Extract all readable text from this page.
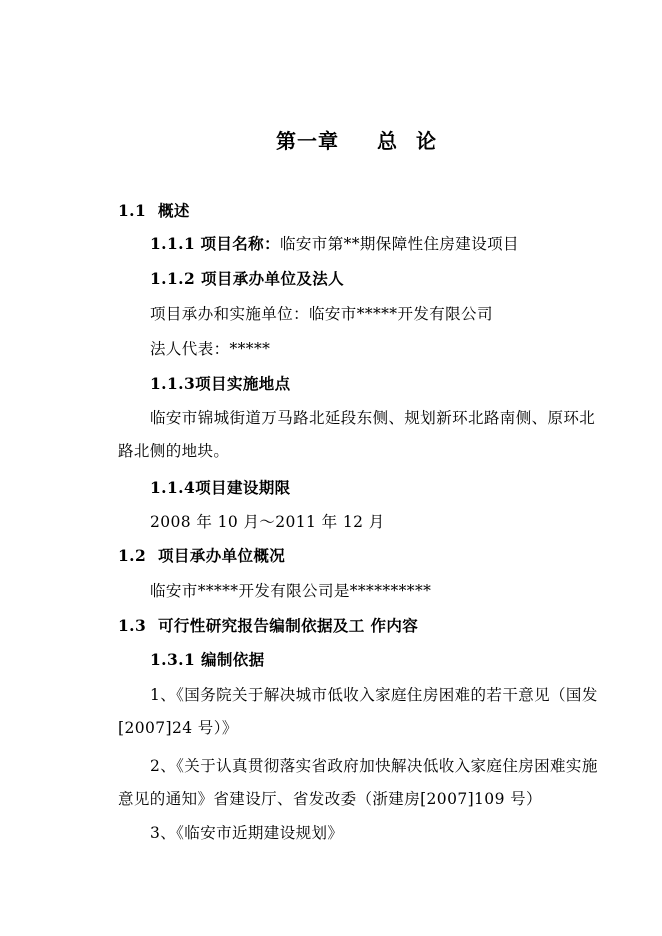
第一章 总 论
1.1 概述
1.1.1 项目名称：临安市第**期保障性住房建设项目
1.1.2 项目承办单位及法人
项目承办和实施单位：临安市*****开发有限公司
法人代表：*****
1.1.3项目实施地点
临安市锦城街道万马路北延段东侧、规划新环北路南侧、原环北
路北侧的地块。
1.1.4项目建设期限
2008 年 10 月～2011 年 12 月
1.2 项目承办单位概况
临安市*****开发有限公司是**********
1.3 可行性研究报告编制依据及工 作内容
1.3.1 编制依据
1、《国务院关于解决城市低收入家庭住房困难的若干意见（国发
[2007]24 号）》
2、《关于认真贯彻落实省政府加快解决低收入家庭住房困难实施
意见的通知》省建设厅、省发改委（浙建房[2007]109 号）
3、《临安市近期建设规划》
